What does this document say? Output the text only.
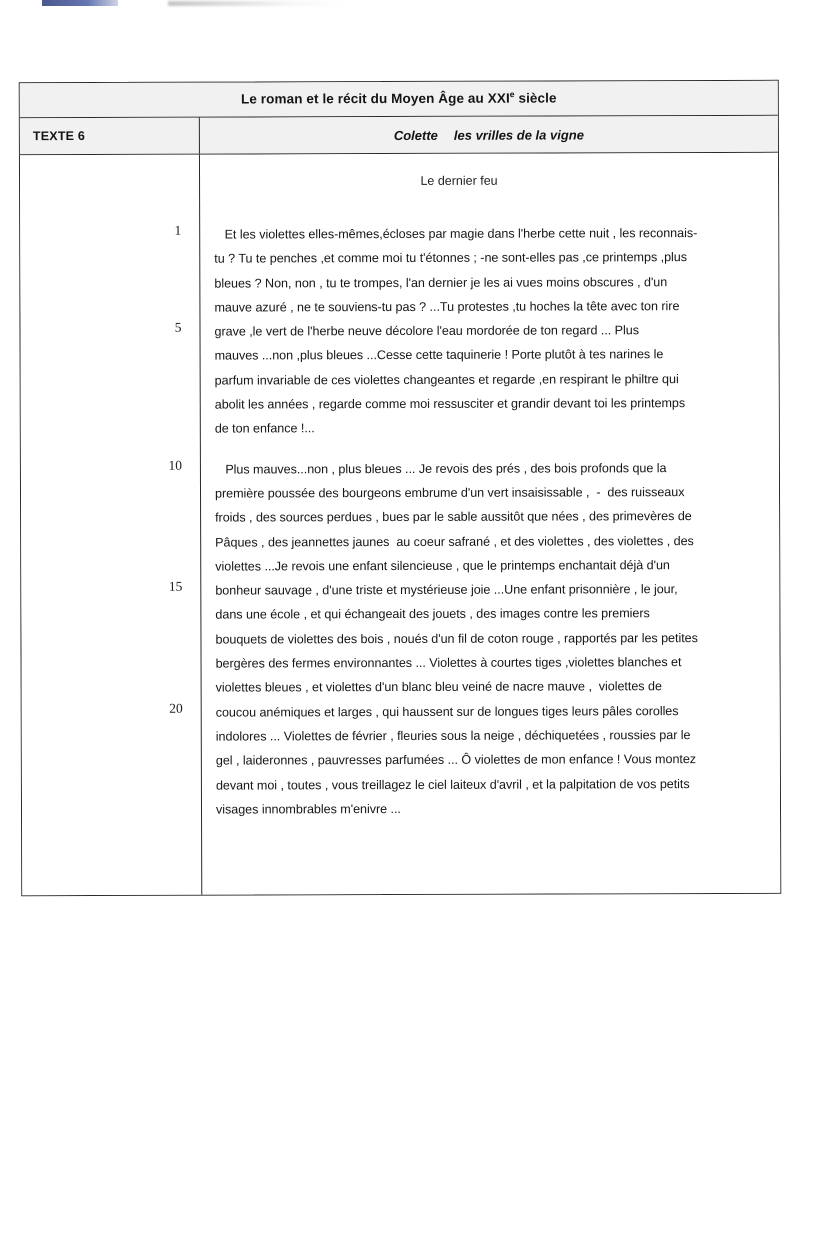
Le roman et le récit du Moyen Âge au XXIe siècle
TEXTE 6	Colette les vrilles de la vigne
1
5
10
15
20
Le dernier feu
Et les violettes elles-mêmes,écloses par magie dans l'herbe cette nuit , les reconnais-
tu ? Tu te penches ,et comme moi tu t'étonnes ; -ne sont-elles pas ,ce printemps ,plus
bleues ? Non, non , tu te trompes, l'an dernier je les ai vues moins obscures , d'un
mauve azuré , ne te souviens-tu pas ? ...Tu protestes ,tu hoches la tête avec ton rire
grave ,le vert de l'herbe neuve décolore l'eau mordorée de ton regard ... Plus
mauves ...non ,plus bleues ...Cesse cette taquinerie ! Porte plutôt à tes narines le
parfum invariable de ces violettes changeantes et regarde ,en respirant le philtre qui
abolit les années , regarde comme moi ressusciter et grandir devant toi les printemps
de ton enfance !...
Plus mauves...non , plus bleues ... Je revois des prés , des bois profonds que la
première poussée des bourgeons embrume d'un vert insaisissable ,  -  des ruisseaux
froids , des sources perdues , bues par le sable aussitôt que nées , des primevères de
Pâques , des jeannettes jaunes  au coeur safrané , et des violettes , des violettes , des
violettes ...Je revois une enfant silencieuse , que le printemps enchantait déjà d'un
bonheur sauvage , d'une triste et mystérieuse joie ...Une enfant prisonnière , le jour,
dans une école , et qui échangeait des jouets , des images contre les premiers
bouquets de violettes des bois , noués d'un fil de coton rouge , rapportés par les petites
bergères des fermes environnantes ... Violettes à courtes tiges ,violettes blanches et
violettes bleues , et violettes d'un blanc bleu veiné de nacre mauve ,  violettes de
coucou anémiques et larges , qui haussent sur de longues tiges leurs pâles corolles
indolores ... Violettes de février , fleuries sous la neige , déchiquetées , roussies par le
gel , laideronnes , pauvresses parfumées ... Ô violettes de mon enfance ! Vous montez
devant moi , toutes , vous treillagez le ciel laiteux d'avril , et la palpitation de vos petits
visages innombrables m'enivre ...
